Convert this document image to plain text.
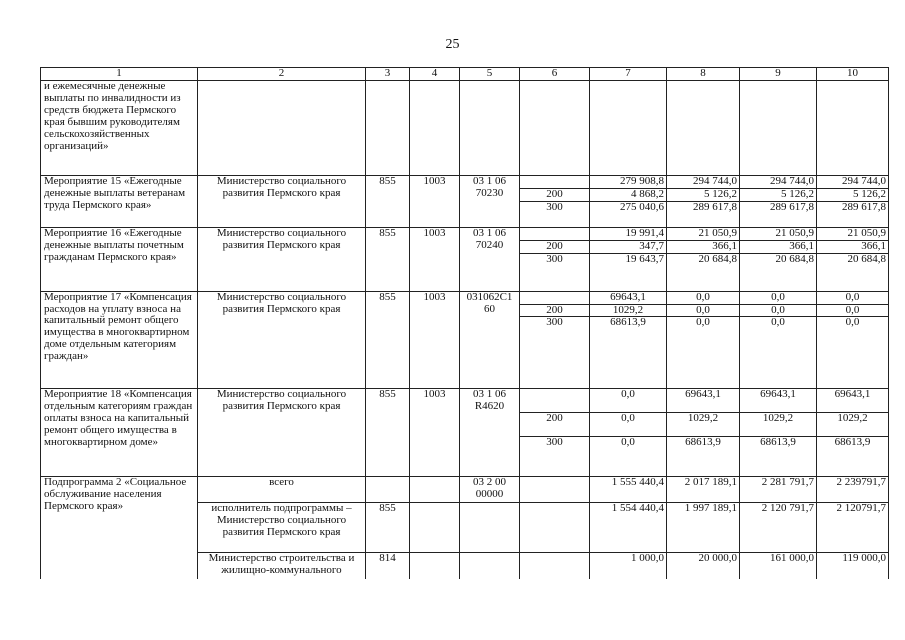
25
1	2	3	4	5	6	7	8	9	10
и ежемесячные денежные выплаты по инвалидности из средств бюджета Пермского края бывшим руководителям сельскохозяйственных организаций»									
Мероприятие 15 «Ежегодные денежные выплаты ветеранам труда Пермского края»	Министерство социального развития Пермского края	855	1003	03 1 06 70230		279 908,8	294 744,0	294 744,0	294 744,0
					200	4 868,2	5 126,2	5 126,2	5 126,2
					300	275 040,6	289 617,8	289 617,8	289 617,8
Мероприятие 16 «Ежегодные денежные выплаты почетным гражданам Пермского края»	Министерство социального развития Пермского края	855	1003	03 1 06 70240		19 991,4	21 050,9	21 050,9	21 050,9
					200	347,7	366,1	366,1	366,1
					300	19 643,7	20 684,8	20 684,8	20 684,8
Мероприятие 17 «Компенсация расходов на уплату взноса на капитальный ремонт общего имущества в многоквартирном доме отдельным категориям граждан»	Министерство социального развития Пермского края	855	1003	031062C1 60		69643,1	0,0	0,0	0,0
					200	1029,2	0,0	0,0	0,0
					300	68613,9	0,0	0,0	0,0
Мероприятие 18 «Компенсация отдельным категориям граждан оплаты взноса на капитальный ремонт общего имущества в многоквартирном доме»	Министерство социального развития Пермского края	855	1003	03 1 06 R4620		0,0	69643,1	69643,1	69643,1
					200	0,0	1029,2	1029,2	1029,2
					300	0,0	68613,9	68613,9	68613,9
Подпрограмма 2 «Социальное обслуживание населения Пермского края»	всего			03 2 00 00000		1 555 440,4	2 017 189,1	2 281 791,7	2 239791,7
	исполнитель подпрограммы – Министерство социального развития Пермского края	855				1 554 440,4	1 997 189,1	2 120 791,7	2 120791,7
	Министерство строительства и жилищно-коммунального	814				1 000,0	20 000,0	161 000,0	119 000,0
